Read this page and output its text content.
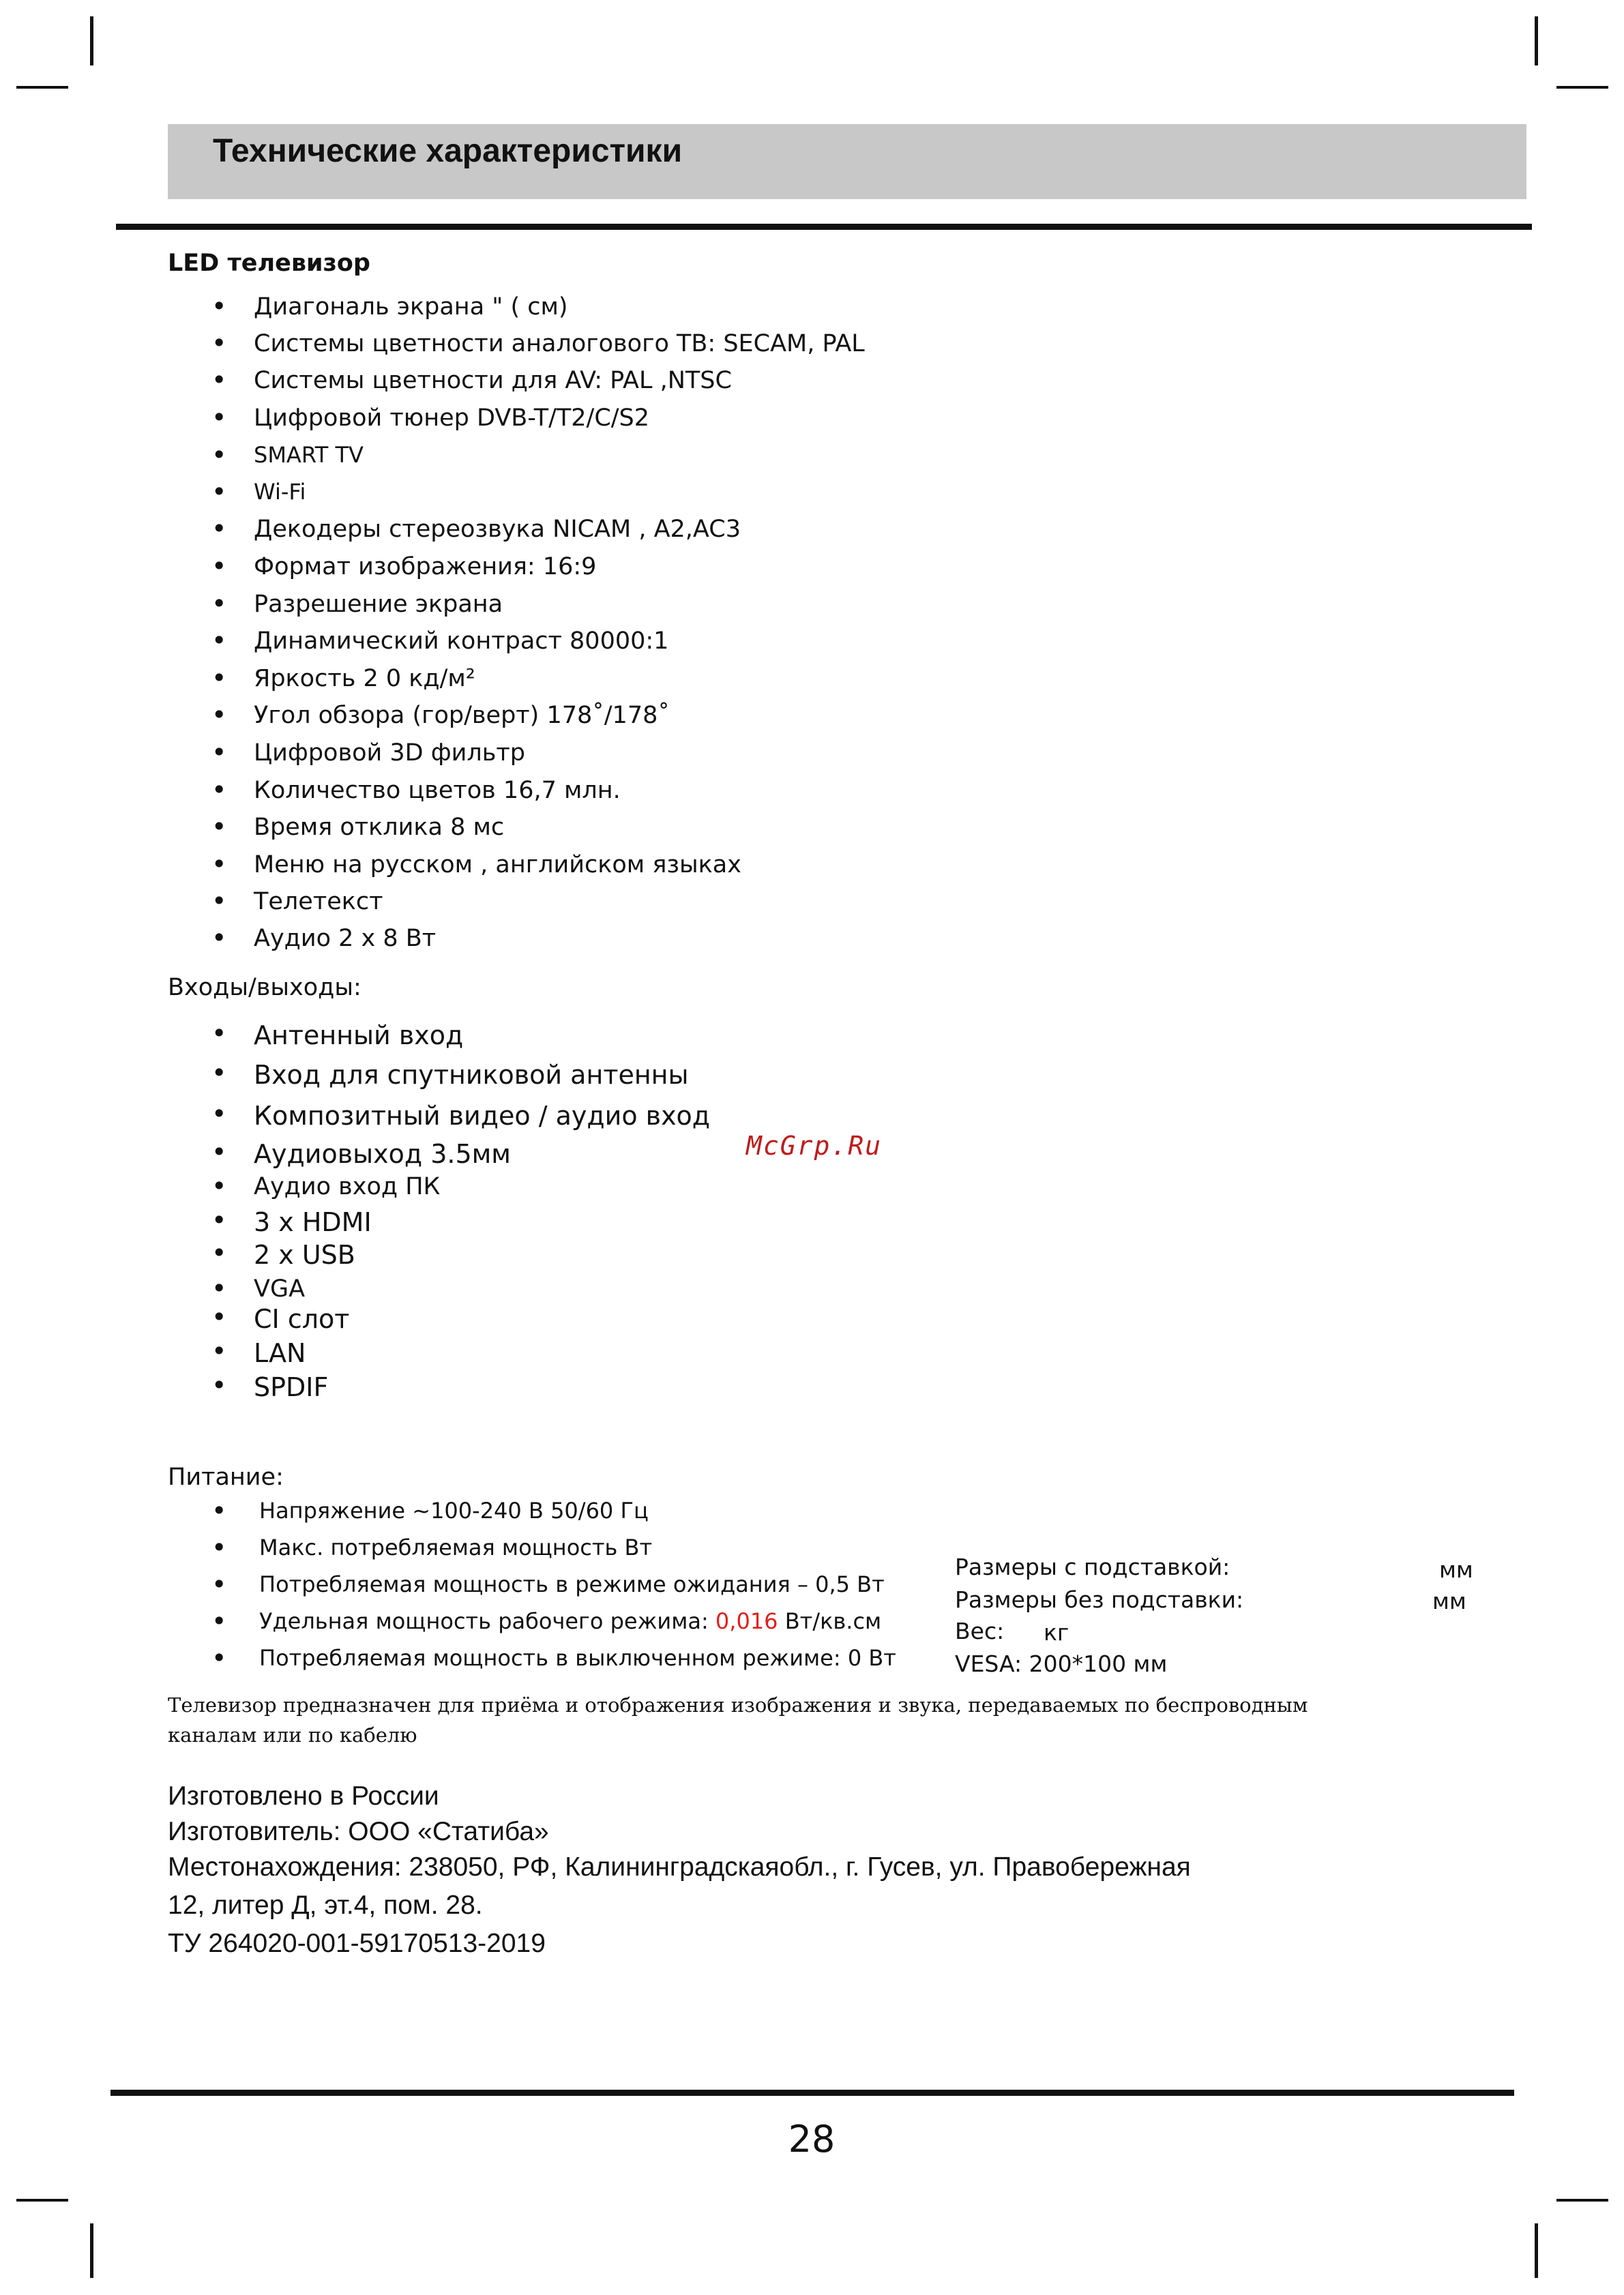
Технические характеристики
LED телевизор
• Диагональ экрана " ( см)
• Системы цветности аналогового ТВ: SECAM, PAL
• Системы цветности для AV: PAL ,NTSC
• Цифровой тюнер DVB-T/T2/C/S2
• SMART TV
• Wi-Fi
• Декодеры стереозвука NICAM , A2,AC3
• Формат изображения: 16:9
• Разрешение экрана
• Динамический контраст 80000:1
• Яркость 2 0 кд/м²
• Угол обзора (гор/верт) 178˚/178˚
• Цифровой 3D фильтр
• Количество цветов 16,7 млн.
• Время отклика 8 мс
• Меню на русском , английском языках
• Телетекст
• Аудио 2 х 8 Вт
Входы/выходы:
• Антенный вход
• Вход для спутниковой антенны
• Композитный видео / аудио вход
• Аудиовыход 3.5мм
• Аудио вход ПК
• 3 x HDMI
• 2 x USB
• VGA
• CI слот
• LAN
• SPDIF
McGrp.Ru
Питание:
• Напряжение ~100-240 В 50/60 Гц
• Макс. потребляемая мощность Вт
• Потребляемая мощность в режиме ожидания – 0,5 Вт
• Удельная мощность рабочего режима: 0,016 Вт/кв.см
• Потребляемая мощность в выключенном режиме: 0 Вт
Размеры с подставкой:	мм
Размеры без подставки:	мм
Вес: кг
VESA: 200*100 мм
Телевизор предназначен для приёма и отображения изображения и звука, передаваемых по беспроводным каналам или по кабелю
Изготовлено в России
Изготовитель: ООО «Статиба»
Местонахождения: 238050, РФ, Калининградскаяобл., г. Гусев, ул. Правобережная
12, литер Д, эт.4, пом. 28.
ТУ 264020-001-59170513-2019
28
